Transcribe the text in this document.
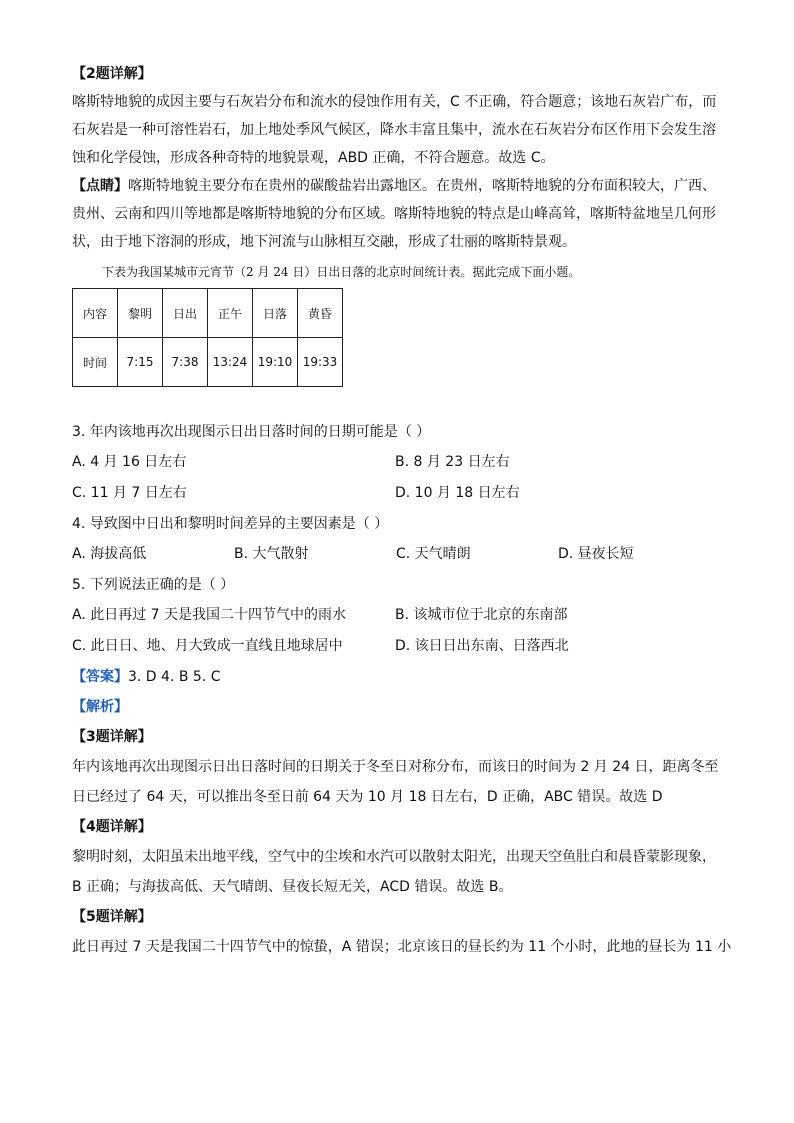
【2题详解】

喀斯特地貌的成因主要与石灰岩分布和流水的侵蚀作用有关，C 不正确，符合题意；该地石灰岩广布，而

石灰岩是一种可溶性岩石，加上地处季风气候区，降水丰富且集中，流水在石灰岩分布区作用下会发生溶

蚀和化学侵蚀，形成各种奇特的地貌景观，ABD 正确，不符合题意。故选 C。

【点睛】喀斯特地貌主要分布在贵州的碳酸盐岩出露地区。在贵州，喀斯特地貌的分布面积较大，广西、

贵州、云南和四川等地都是喀斯特地貌的分布区域。喀斯特地貌的特点是山峰高耸，喀斯特盆地呈几何形

状，由于地下溶洞的形成，地下河流与山脉相互交融，形成了壮丽的喀斯特景观。

下表为我国某城市元宵节（2 月 24 日）日出日落的北京时间统计表。据此完成下面小题。

内容	黎明	日出	正午	日落	黄昏
时间	7:15	7:38	13:24	19:10	19:33

3. 年内该地再次出现图示日出日落时间的日期可能是（ ）

A. 4 月 16 日左右	B. 8 月 23 日左右
C. 11 月 7 日左右	D. 10 月 18 日左右

4. 导致图中日出和黎明时间差异的主要因素是（ ）

A. 海拔高低	B. 大气散射	C. 天气晴朗	D. 昼夜长短

5. 下列说法正确的是（ ）

A. 此日再过 7 天是我国二十四节气中的雨水	B. 该城市位于北京的东南部
C. 此日日、地、月大致成一直线且地球居中	D. 该日日出东南、日落西北

【答案】3. D 4. B 5. C

【解析】

【3题详解】

年内该地再次出现图示日出日落时间的日期关于冬至日对称分布，而该日的时间为 2 月 24 日，距离冬至

日已经过了 64 天，可以推出冬至日前 64 天为 10 月 18 日左右，D 正确，ABC 错误。故选 D

【4题详解】

黎明时刻，太阳虽未出地平线，空气中的尘埃和水汽可以散射太阳光，出现天空鱼肚白和晨昏蒙影现象，

B 正确；与海拔高低、天气晴朗、昼夜长短无关，ACD 错误。故选 B。

【5题详解】

此日再过 7 天是我国二十四节气中的惊蛰，A 错误；北京该日的昼长约为 11 个小时，此地的昼长为 11 小
